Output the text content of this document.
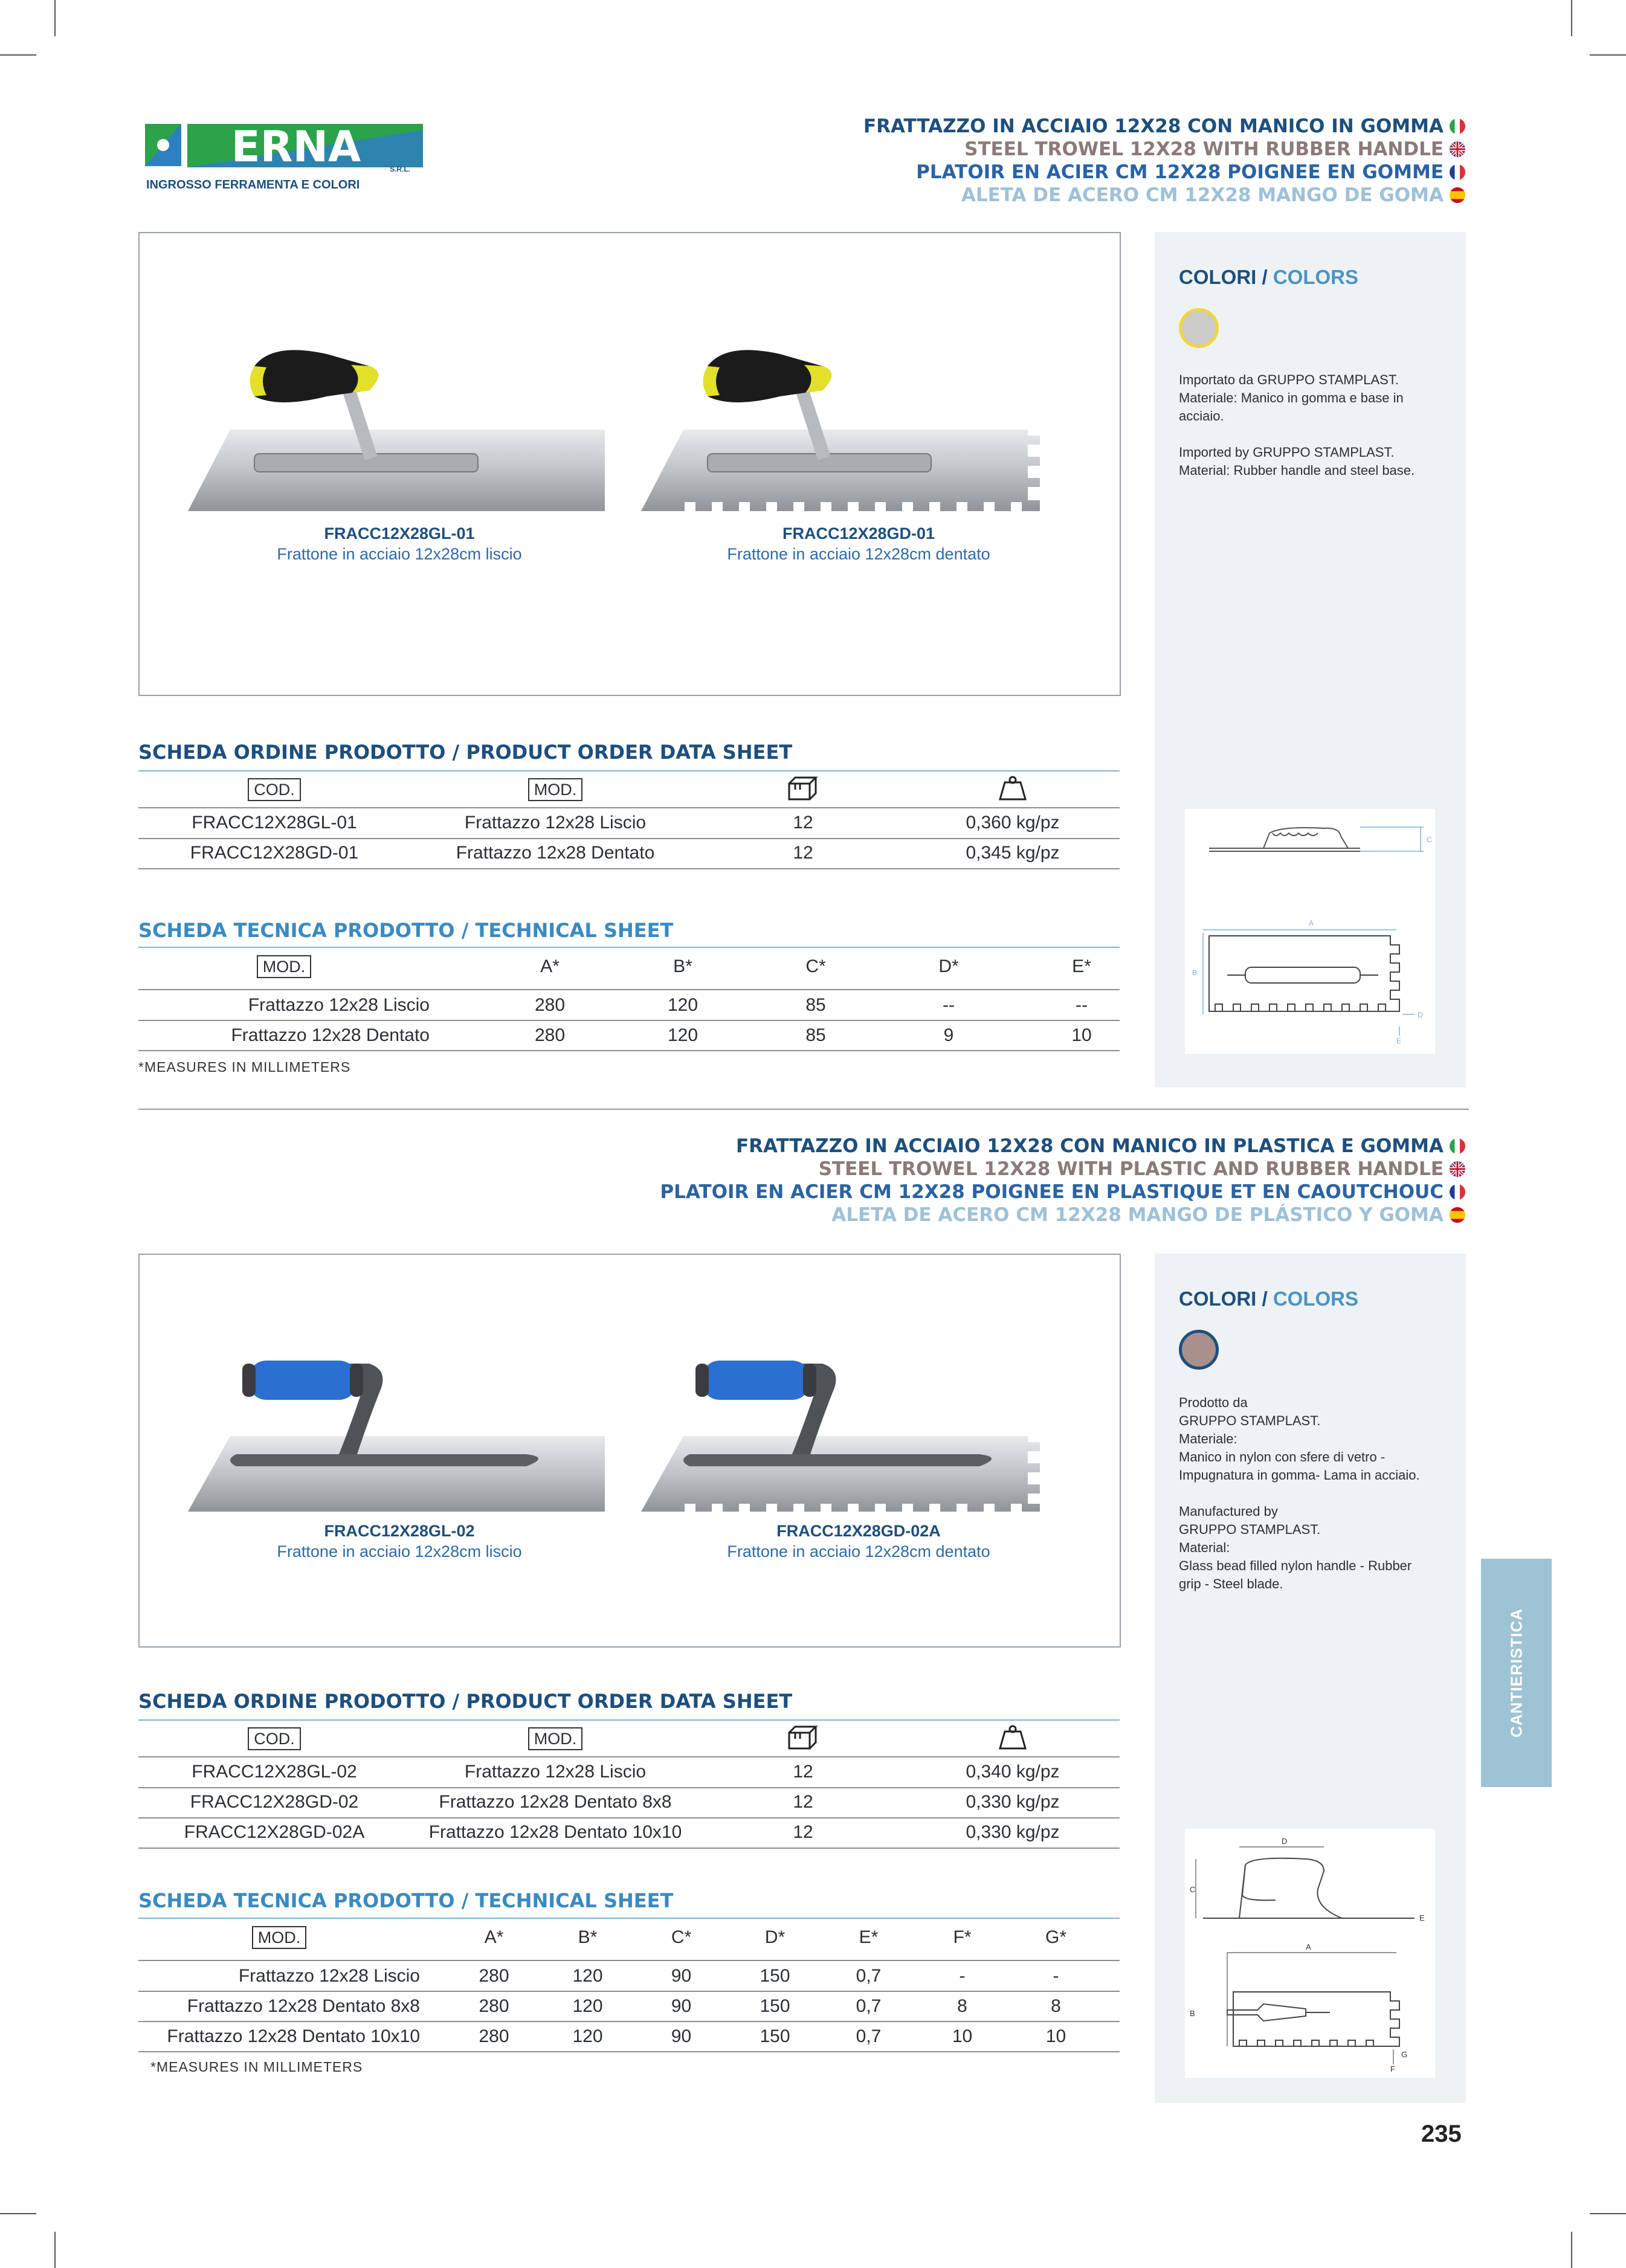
ERNA	S.R.L.
INGROSSO FERRAMENTA E COLORI
FRATTAZZO IN ACCIAIO 12X28 CON MANICO IN GOMMA
STEEL TROWEL 12X28 WITH RUBBER HANDLE
PLATOIR EN ACIER CM 12X28 POIGNEE EN GOMME
ALETA DE ACERO CM 12X28 MANGO DE GOMA
FRACC12X28GL-01
Frattone in acciaio 12x28cm liscio
FRACC12X28GD-01
Frattone in acciaio 12x28cm dentato
COLORI / COLORS
Importato da GRUPPO STAMPLAST.
Materiale: Manico in gomma e base in
acciaio.

Imported by GRUPPO STAMPLAST.
Material: Rubber handle and steel base.
C
A
B
D
E
SCHEDA ORDINE PRODOTTO / PRODUCT ORDER DATA SHEET
COD.	MOD.
FRACC12X28GL-01	Frattazzo 12x28 Liscio	12	0,360 kg/pz
FRACC12X28GD-01	Frattazzo 12x28 Dentato	12	0,345 kg/pz
SCHEDA TECNICA PRODOTTO / TECHNICAL SHEET
MOD.	A*	B*	C*	D*	E*
Frattazzo 12x28 Liscio	280	120	85	--	--
Frattazzo 12x28 Dentato	280	120	85	9	10
*MEASURES IN MILLIMETERS
FRATTAZZO IN ACCIAIO 12X28 CON MANICO IN PLASTICA E GOMMA
STEEL TROWEL 12X28 WITH PLASTIC AND RUBBER HANDLE
PLATOIR EN ACIER CM 12X28 POIGNEE EN PLASTIQUE ET EN CAOUTCHOUC
ALETA DE ACERO CM 12X28 MANGO DE PLÁSTICO Y GOMA
FRACC12X28GL-02
Frattone in acciaio 12x28cm liscio
FRACC12X28GD-02A
Frattone in acciaio 12x28cm dentato
COLORI / COLORS
Prodotto da
GRUPPO STAMPLAST.
Materiale:
Manico in nylon con sfere di vetro -
Impugnatura in gomma- Lama in acciaio.

Manufactured by
GRUPPO STAMPLAST.
Material:
Glass bead filled nylon handle - Rubber
grip - Steel blade.
D
C
E
A
B
G
F
SCHEDA ORDINE PRODOTTO / PRODUCT ORDER DATA SHEET
COD.	MOD.
FRACC12X28GL-02	Frattazzo 12x28 Liscio	12	0,340 kg/pz
FRACC12X28GD-02	Frattazzo 12x28 Dentato 8x8	12	0,330 kg/pz
FRACC12X28GD-02A	Frattazzo 12x28 Dentato 10x10	12	0,330 kg/pz
SCHEDA TECNICA PRODOTTO / TECHNICAL SHEET
MOD.	A*	B*	C*	D*	E*	F*	G*
Frattazzo 12x28 Liscio	280	120	90	150	0,7	-	-
Frattazzo 12x28 Dentato 8x8	280	120	90	150	0,7	8	8
Frattazzo 12x28 Dentato 10x10	280	120	90	150	0,7	10	10
*MEASURES IN MILLIMETERS
CANTIERISTICA
235
